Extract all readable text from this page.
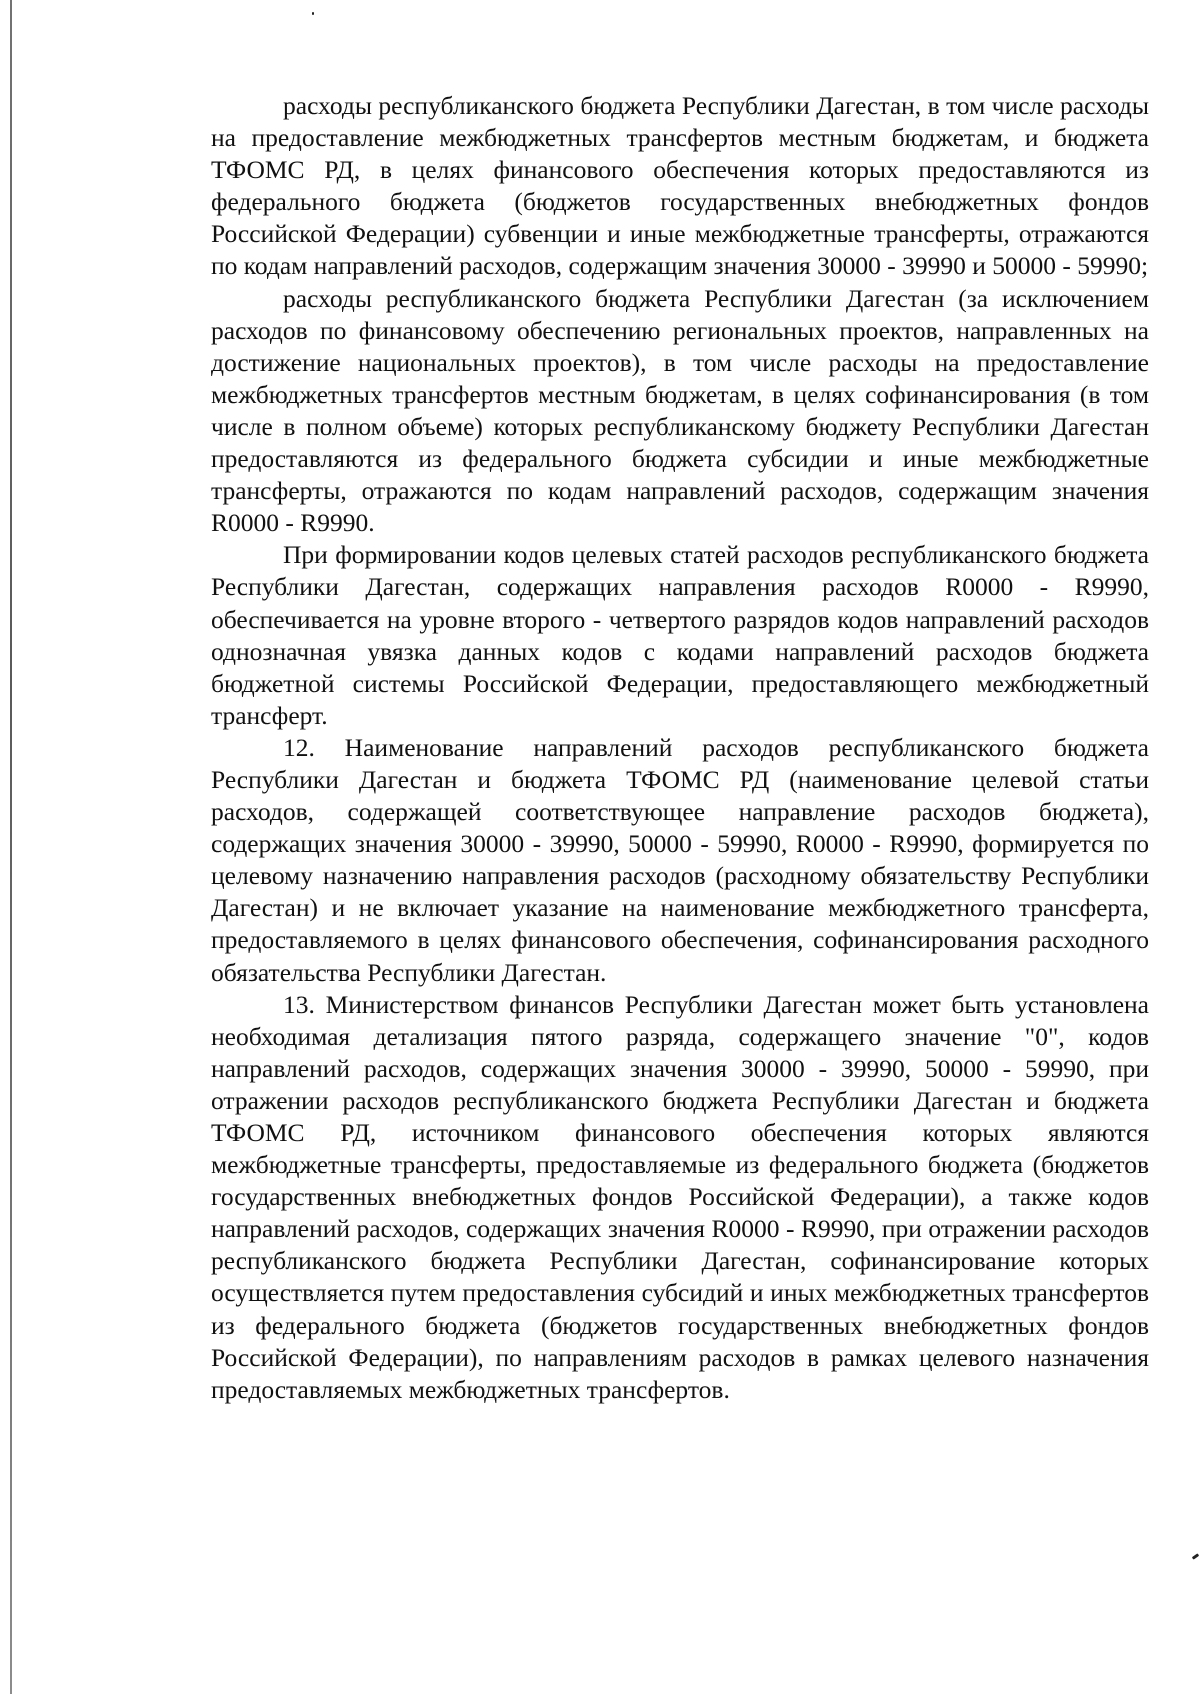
расходы республиканского бюджета Республики Дагестан, в том числе расходы на предоставление межбюджетных трансфертов местным бюджетам, и бюджета ТФОМС РД, в целях финансового обеспечения которых предоставляются из федерального бюджета (бюджетов государственных внебюджетных фондов Российской Федерации) субвенции и иные межбюджетные трансферты, отражаются по кодам направлений расходов, содержащим значения 30000 - 39990 и 50000 - 59990;

расходы республиканского бюджета Республики Дагестан (за исключением расходов по финансовому обеспечению региональных проектов, направленных на достижение национальных проектов), в том числе расходы на предоставление межбюджетных трансфертов местным бюджетам, в целях софинансирования (в том числе в полном объеме) которых республиканскому бюджету Республики Дагестан предоставляются из федерального бюджета субсидии и иные межбюджетные трансферты, отражаются по кодам направлений расходов, содержащим значения R0000 - R9990.

При формировании кодов целевых статей расходов республиканского бюджета Республики Дагестан, содержащих направления расходов R0000 - R9990, обеспечивается на уровне второго - четвертого разрядов кодов направлений расходов однозначная увязка данных кодов с кодами направлений расходов бюджета бюджетной системы Российской Федерации, предоставляющего межбюджетный трансферт.

12. Наименование направлений расходов республиканского бюджета Республики Дагестан и бюджета ТФОМС РД (наименование целевой статьи расходов, содержащей соответствующее направление расходов бюджета), содержащих значения 30000 - 39990, 50000 - 59990, R0000 - R9990, формируется по целевому назначению направления расходов (расходному обязательству Республики Дагестан) и не включает указание на наименование межбюджетного трансферта, предоставляемого в целях финансового обеспечения, софинансирования расходного обязательства Республики Дагестан.

13. Министерством финансов Республики Дагестан может быть установлена необходимая детализация пятого разряда, содержащего значение "0", кодов направлений расходов, содержащих значения 30000 - 39990, 50000 - 59990, при отражении расходов республиканского бюджета Республики Дагестан и бюджета ТФОМС РД, источником финансового обеспечения которых являются межбюджетные трансферты, предоставляемые из федерального бюджета (бюджетов государственных внебюджетных фондов Российской Федерации), а также кодов направлений расходов, содержащих значения R0000 - R9990, при отражении расходов республиканского бюджета Республики Дагестан, софинансирование которых осуществляется путем предоставления субсидий и иных межбюджетных трансфертов из федерального бюджета (бюджетов государственных внебюджетных фондов Российской Федерации), по направлениям расходов в рамках целевого назначения предоставляемых межбюджетных трансфертов.
